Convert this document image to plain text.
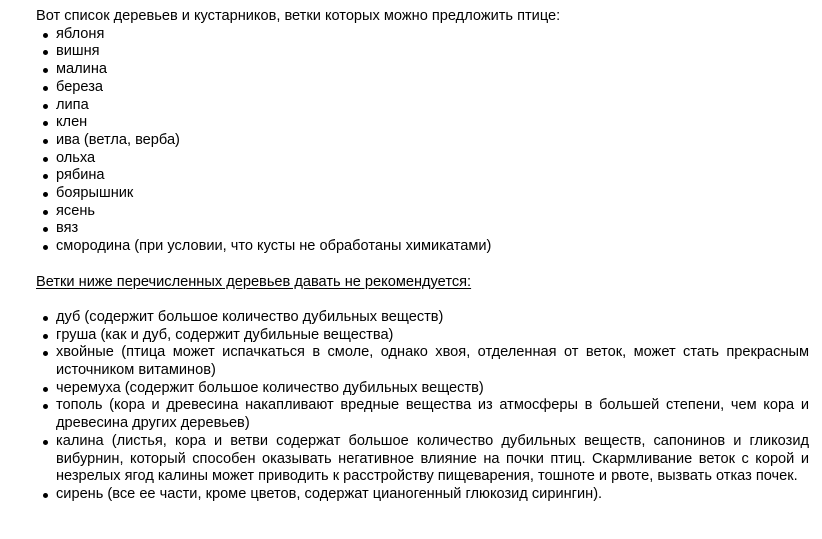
Вот список деревьев и кустарников, ветки которых можно предложить птице:

яблоня
вишня
малина
береза
липа
клен
ива (ветла, верба)
ольха
рябина
боярышник
ясень
вяз
смородина (при условии, что кусты не обработаны химикатами)

Ветки ниже перечисленных деревьев давать не рекомендуется:

дуб (содержит большое количество дубильных веществ)
груша (как и дуб, содержит дубильные вещества)
хвойные (птица может испачкаться в смоле, однако хвоя, отделенная от веток, может стать прекрасным источником витаминов)
черемуха (содержит большое количество дубильных веществ)
тополь (кора и древесина накапливают вредные вещества из атмосферы в большей степени, чем кора и древесина других деревьев)
калина (листья, кора и ветви содержат большое количество дубильных веществ, сапонинов и гликозид вибурнин, который способен оказывать негативное влияние на почки птиц. Скармливание веток с корой и незрелых ягод калины может приводить к расстройству пищеварения, тошноте и рвоте, вызвать отказ почек.
сирень (все ее части, кроме цветов, содержат цианогенный глюкозид сирингин).
